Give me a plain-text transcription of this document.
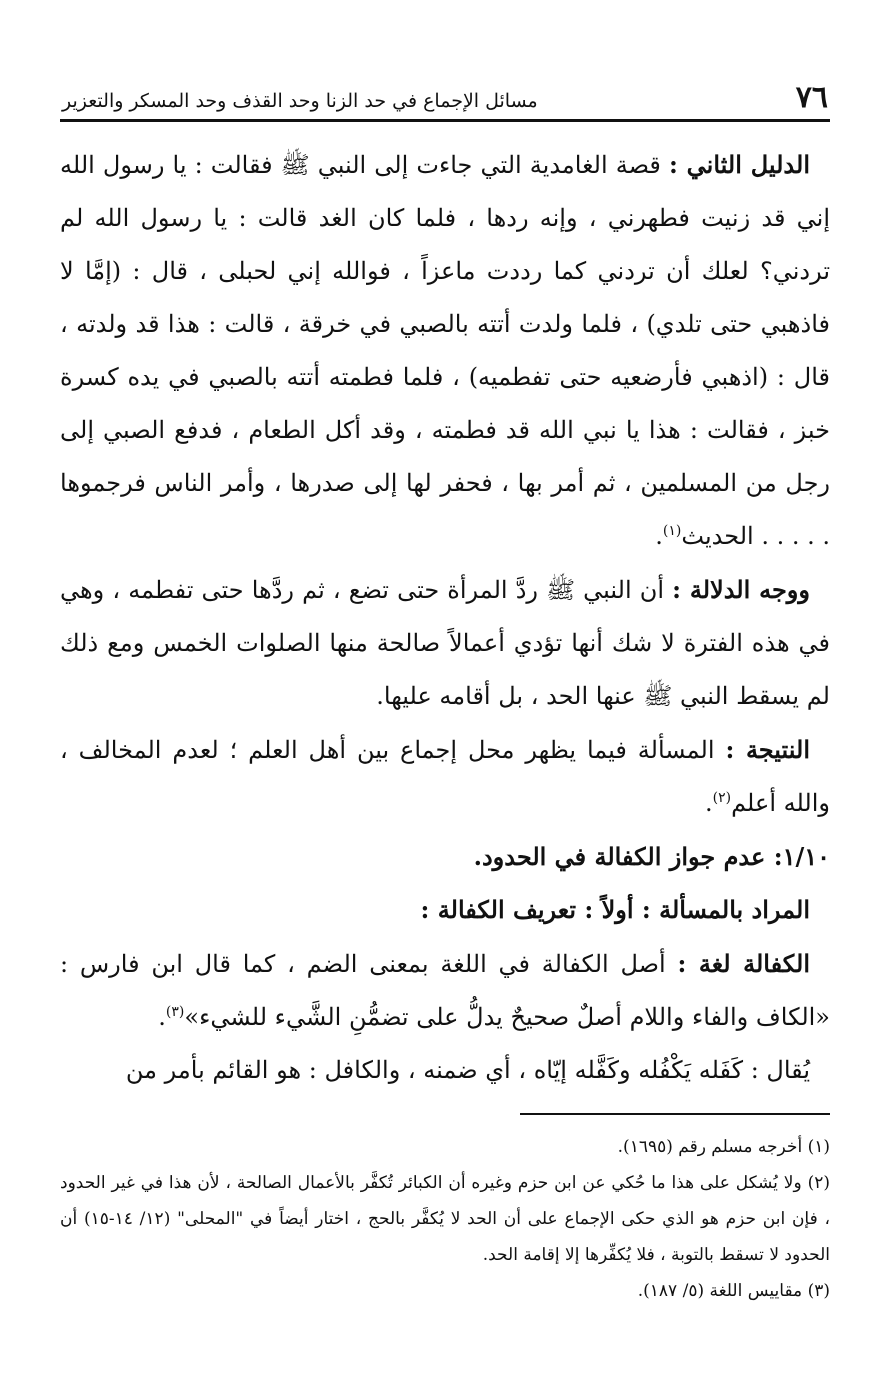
٧٦
مسائل الإجماع في حد الزنا وحد القذف وحد المسكر والتعزير

الدليل الثاني : قصة الغامدية التي جاءت إلى النبي ﷺ فقالت : يا رسول الله إني قد زنيت فطهرني ، وإنه ردها ، فلما كان الغد قالت : يا رسول الله لم تردني؟ لعلك أن تردني كما رددت ماعزاً ، فوالله إني لحبلى ، قال : (إمَّا لا فاذهبي حتى تلدي) ، فلما ولدت أتته بالصبي في خرقة ، قالت : هذا قد ولدته ، قال : (اذهبي فأرضعيه حتى تفطميه) ، فلما فطمته أتته بالصبي في يده كسرة خبز ، فقالت : هذا يا نبي الله قد فطمته ، وقد أكل الطعام ، فدفع الصبي إلى رجل من المسلمين ، ثم أمر بها ، فحفر لها إلى صدرها ، وأمر الناس فرجموها . . . . . الحديث$^{(١)}$.

ووجه الدلالة : أن النبي ﷺ ردَّ المرأة حتى تضع ، ثم ردَّها حتى تفطمه ، وهي في هذه الفترة لا شك أنها تؤدي أعمالاً صالحة منها الصلوات الخمس ومع ذلك لم يسقط النبي ﷺ عنها الحد ، بل أقامه عليها.

النتيجة : المسألة فيما يظهر محل إجماع بين أهل العلم ؛ لعدم المخالف ، والله أعلم$^{(٢)}$.

١/١٠: عدم جواز الكفالة في الحدود.

المراد بالمسألة : أولاً : تعريف الكفالة :

الكفالة لغة : أصل الكفالة في اللغة بمعنى الضم ، كما قال ابن فارس : «الكاف والفاء واللام أصلٌ صحيحٌ يدلُّ على تضمُّنِ الشَّيء للشيء»$^{(٣)}$.

يُقال : كَفَله يَكْفُله وكَفَّله إيّاه ، أي ضمنه ، والكافل : هو القائم بأمر من

(١) أخرجه مسلم رقم (١٦٩٥).

(٢) ولا يُشكل على هذا ما حُكي عن ابن حزم وغيره أن الكبائر تُكفَّر بالأعمال الصالحة ، لأن هذا في غير الحدود ، فإن ابن حزم هو الذي حكى الإجماع على أن الحد لا يُكفَّر بالحج ، اختار أيضاً في "المحلى" (١٢/ ١٤-١٥) أن الحدود لا تسقط بالتوبة ، فلا يُكفِّرها إلا إقامة الحد.

(٣) مقاييس اللغة (٥/ ١٨٧).
